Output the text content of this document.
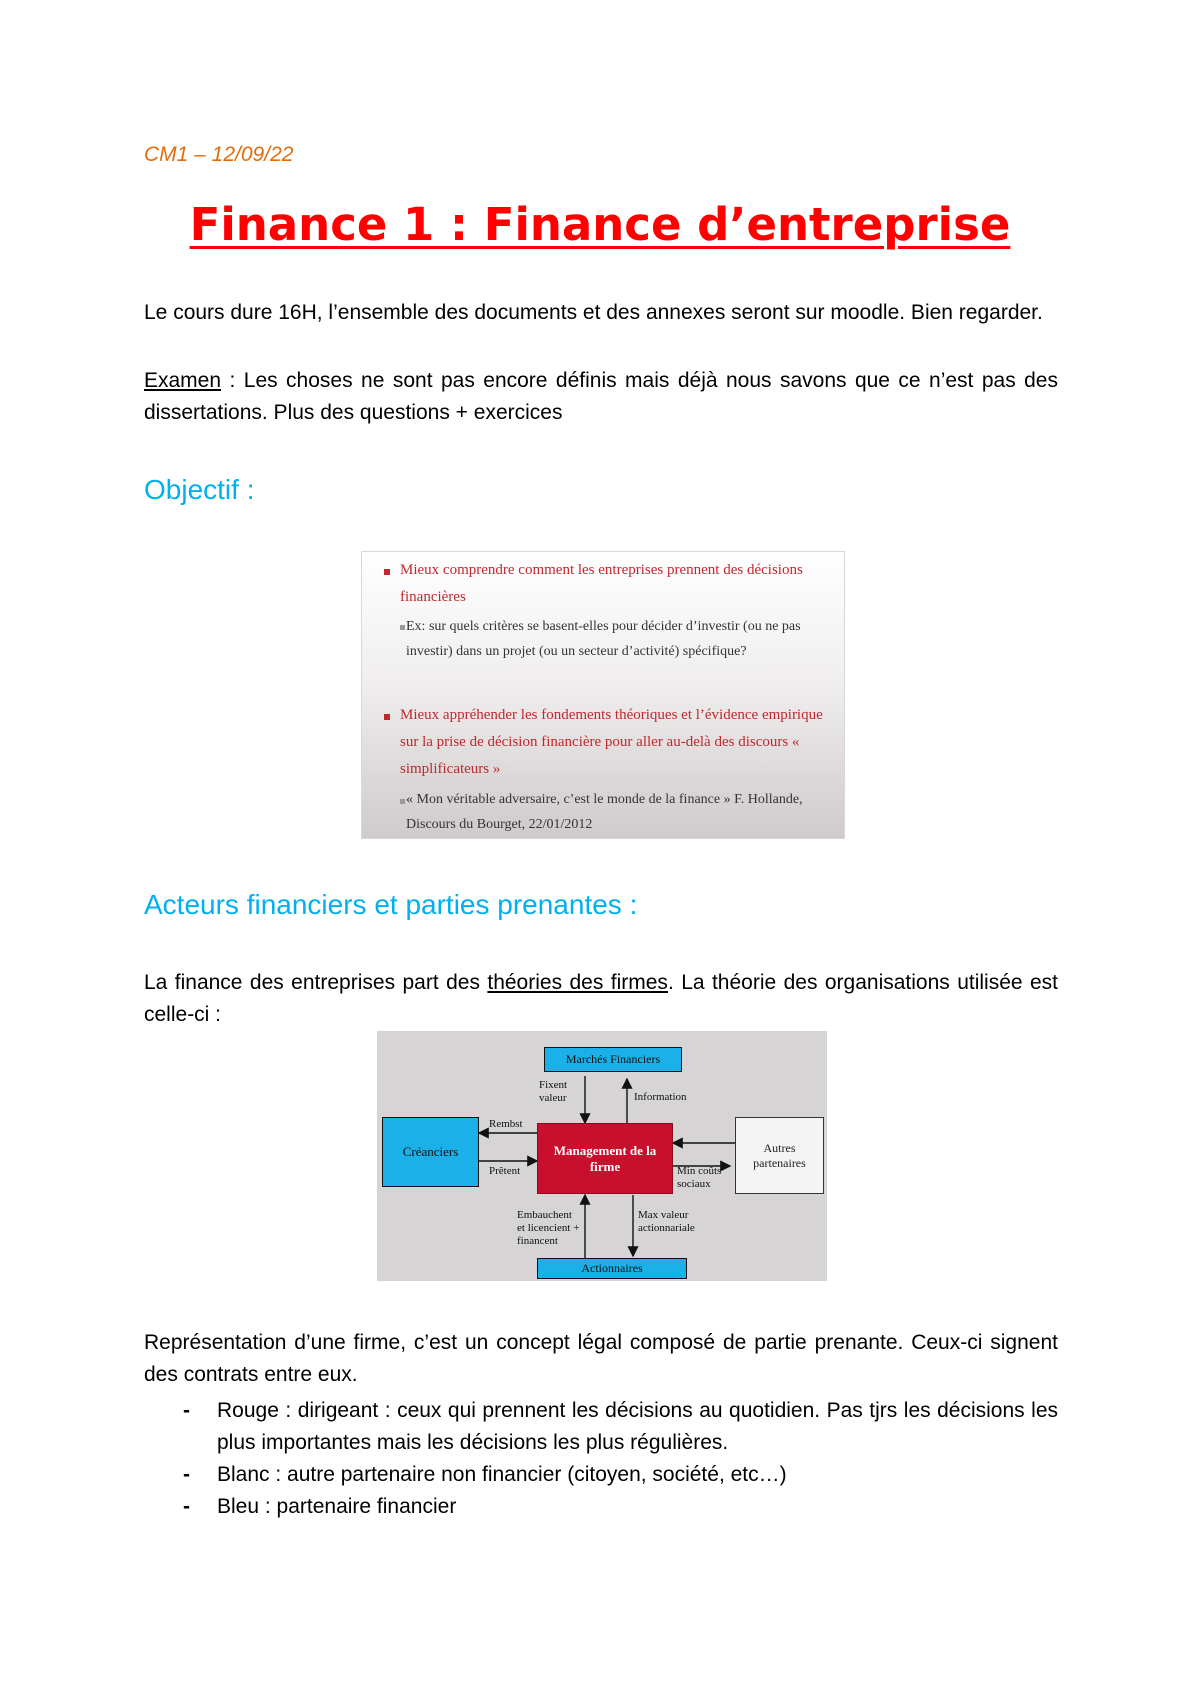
CM1 – 12/09/22
Finance 1 : Finance d’entreprise

Le cours dure 16H, l’ensemble des documents et des annexes seront sur moodle. Bien regarder.

Examen : Les choses ne sont pas encore définis mais déjà nous savons que ce n’est pas des dissertations. Plus des questions + exercices

Objectif :
Mieux comprendre comment les entreprises prennent des décisions financières
Ex: sur quels critères se basent-elles pour décider d’investir (ou ne pas investir) dans un projet (ou un secteur d’activité) spécifique?
Mieux appréhender les fondements théoriques et l’évidence empirique sur la prise de décision financière pour aller au-delà des discours « simplificateurs »
« Mon véritable adversaire, c’est le monde de la finance » F. Hollande, Discours du Bourget, 22/01/2012
Acteurs financiers et parties prenantes :

La finance des entreprises part des théories des firmes. La théorie des organisations utilisée est celle-ci :

Marchés Financiers
Créanciers	Management de la firme
Autres partenaires
Actionnaires
Fixent valeur	Information
Rembst
Prêtent	Min coûts sociaux
Embauchent et licencient + financent
Max valeur actionnariale

Représentation d’une firme, c’est un concept légal composé de partie prenante. Ceux-ci signent des contrats entre eux.

- Rouge : dirigeant : ceux qui prennent les décisions au quotidien. Pas tjrs les décisions les plus importantes mais les décisions les plus régulières.
- Blanc : autre partenaire non financier (citoyen, société, etc…)
- Bleu : partenaire financier
